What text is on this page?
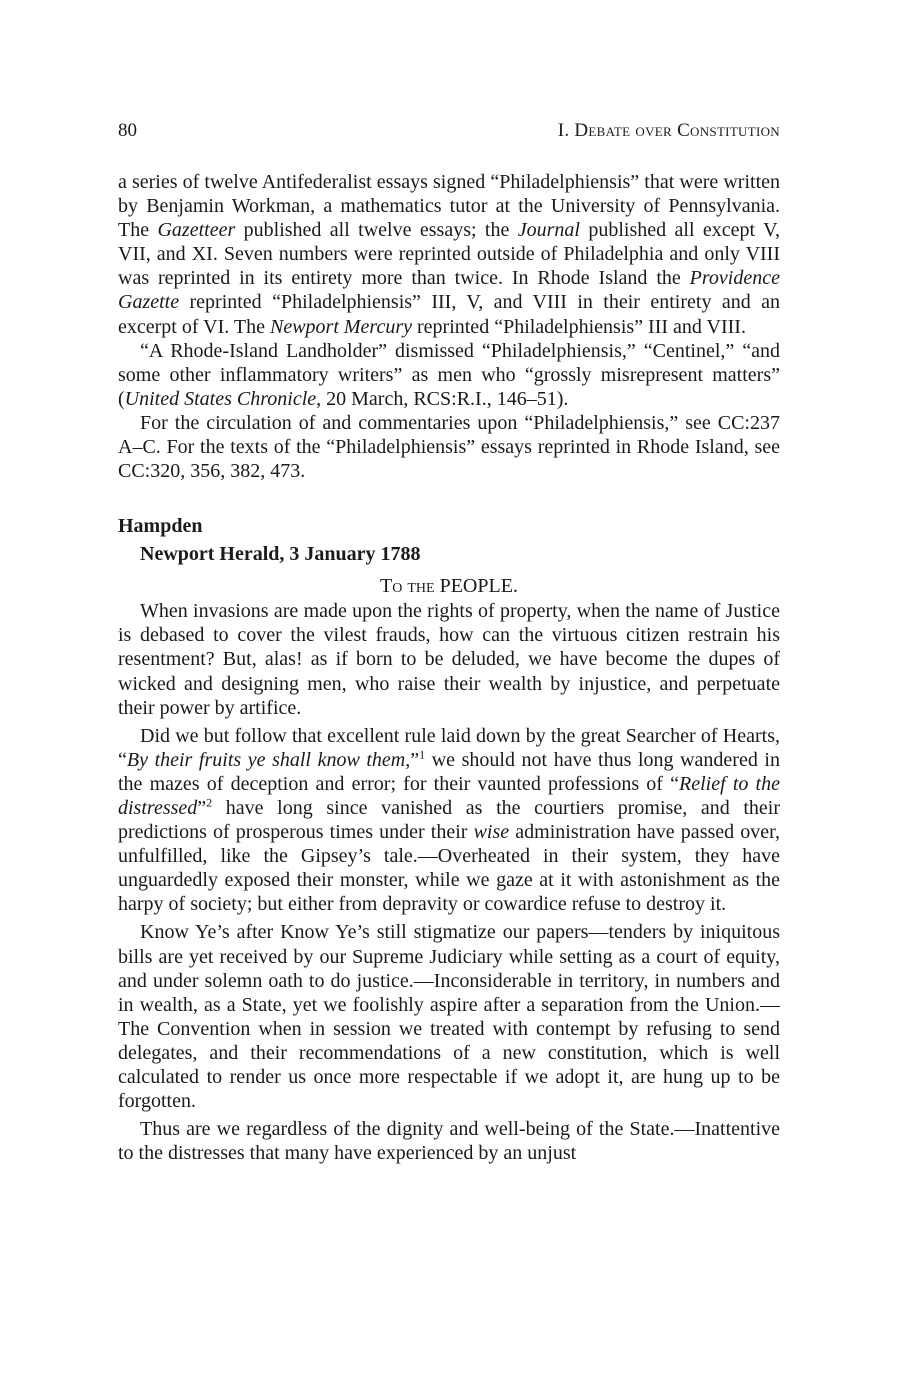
80	I. Debate over Constitution

a series of twelve Antifederalist essays signed “Philadelphiensis” that were written by Benjamin Workman, a mathematics tutor at the University of Pennsylvania. The Gazetteer published all twelve essays; the Journal published all except V, VII, and XI. Seven numbers were reprinted outside of Philadelphia and only VIII was reprinted in its entirety more than twice. In Rhode Island the Providence Gazette reprinted “Philadelphiensis” III, V, and VIII in their entirety and an excerpt of VI. The Newport Mercury reprinted “Philadelphiensis” III and VIII.

“A Rhode-Island Landholder” dismissed “Philadelphiensis,” “Centinel,” “and some other inflammatory writers” as men who “grossly misrepresent matters” (United States Chronicle, 20 March, RCS:R.I., 146–51).

For the circulation of and commentaries upon “Philadelphiensis,” see CC:237 A–C. For the texts of the “Philadelphiensis” essays reprinted in Rhode Island, see CC:320, 356, 382, 473.

Hampden
Newport Herald, 3 January 1788
To the PEOPLE.

When invasions are made upon the rights of property, when the name of Justice is debased to cover the vilest frauds, how can the virtuous citizen restrain his resentment? But, alas! as if born to be deluded, we have become the dupes of wicked and designing men, who raise their wealth by injustice, and perpetuate their power by artifice.

Did we but follow that excellent rule laid down by the great Searcher of Hearts, “By their fruits ye shall know them,”$^1$ we should not have thus long wandered in the mazes of deception and error; for their vaunted professions of “Relief to the distressed”$^2$ have long since vanished as the courtiers promise, and their predictions of prosperous times under their wise administration have passed over, unfulfilled, like the Gipsey’s tale.—Overheated in their system, they have unguardedly exposed their monster, while we gaze at it with astonishment as the harpy of society; but either from depravity or cowardice refuse to destroy it.

Know Ye’s after Know Ye’s still stigmatize our papers—tenders by iniquitous bills are yet received by our Supreme Judiciary while setting as a court of equity, and under solemn oath to do justice.—Inconsiderable in territory, in numbers and in wealth, as a State, yet we foolishly aspire after a separation from the Union.—The Convention when in session we treated with contempt by refusing to send delegates, and their recommendations of a new constitution, which is well calculated to render us once more respectable if we adopt it, are hung up to be forgotten.

Thus are we regardless of the dignity and well-being of the State.—Inattentive to the distresses that many have experienced by an unjust
